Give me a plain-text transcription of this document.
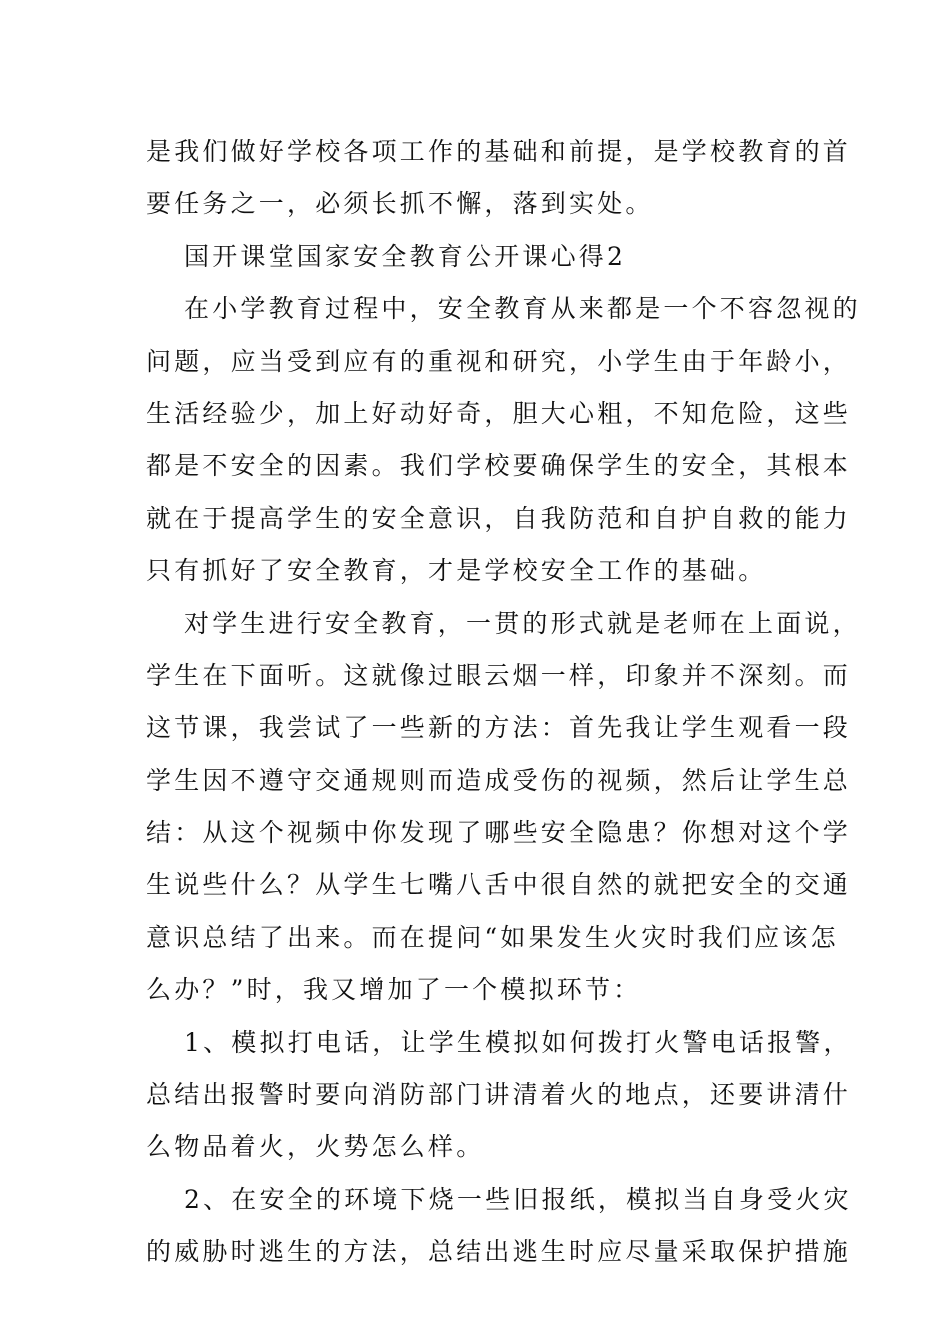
是我们做好学校各项工作的基础和前提，是学校教育的首
要任务之一，必须长抓不懈，落到实处。
国开课堂国家安全教育公开课心得2
在小学教育过程中，安全教育从来都是一个不容忽视的
问题，应当受到应有的重视和研究，小学生由于年龄小，
生活经验少，加上好动好奇，胆大心粗，不知危险，这些
都是不安全的因素。我们学校要确保学生的安全，其根本
就在于提高学生的安全意识，自我防范和自护自救的能力
只有抓好了安全教育，才是学校安全工作的基础。
对学生进行安全教育，一贯的形式就是老师在上面说，
学生在下面听。这就像过眼云烟一样，印象并不深刻。而
这节课，我尝试了一些新的方法：首先我让学生观看一段
学生因不遵守交通规则而造成受伤的视频，然后让学生总
结：从这个视频中你发现了哪些安全隐患？你想对这个学
生说些什么？从学生七嘴八舌中很自然的就把安全的交通
意识总结了出来。而在提问“如果发生火灾时我们应该怎
么办？”时，我又增加了一个模拟环节：
1、模拟打电话，让学生模拟如何拨打火警电话报警，
总结出报警时要向消防部门讲清着火的地点，还要讲清什
么物品着火，火势怎么样。
2、在安全的环境下烧一些旧报纸，模拟当自身受火灾
的威胁时逃生的方法，总结出逃生时应尽量采取保护措施
